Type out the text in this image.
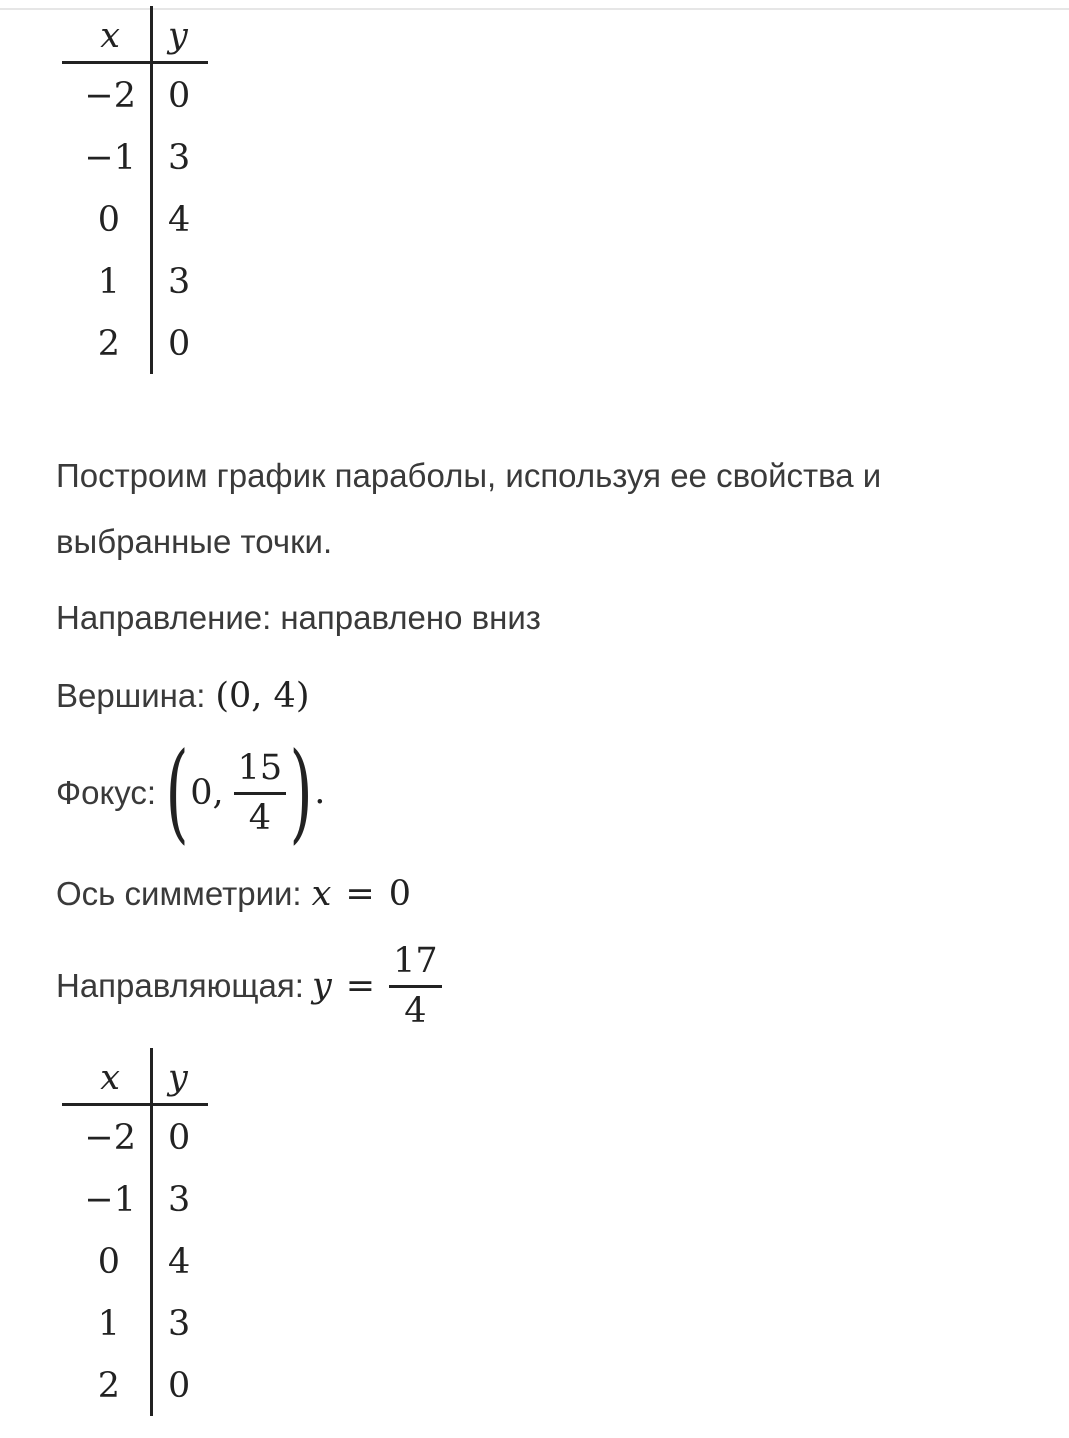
x y
−2 0
−1 3
0 4
1 3
2 0
Построим график параболы, используя ее свойства и
выбранные точки.
Направление: направлено вниз
Вершина: (0, 4)
Фокус: ( 0, $\frac{15}{4}$ ) .
Ось симметрии: x = 0
Направляющая: $y = \frac{17}{4}$
x y
−2 0
−1 3
0 4
1 3
2 0
